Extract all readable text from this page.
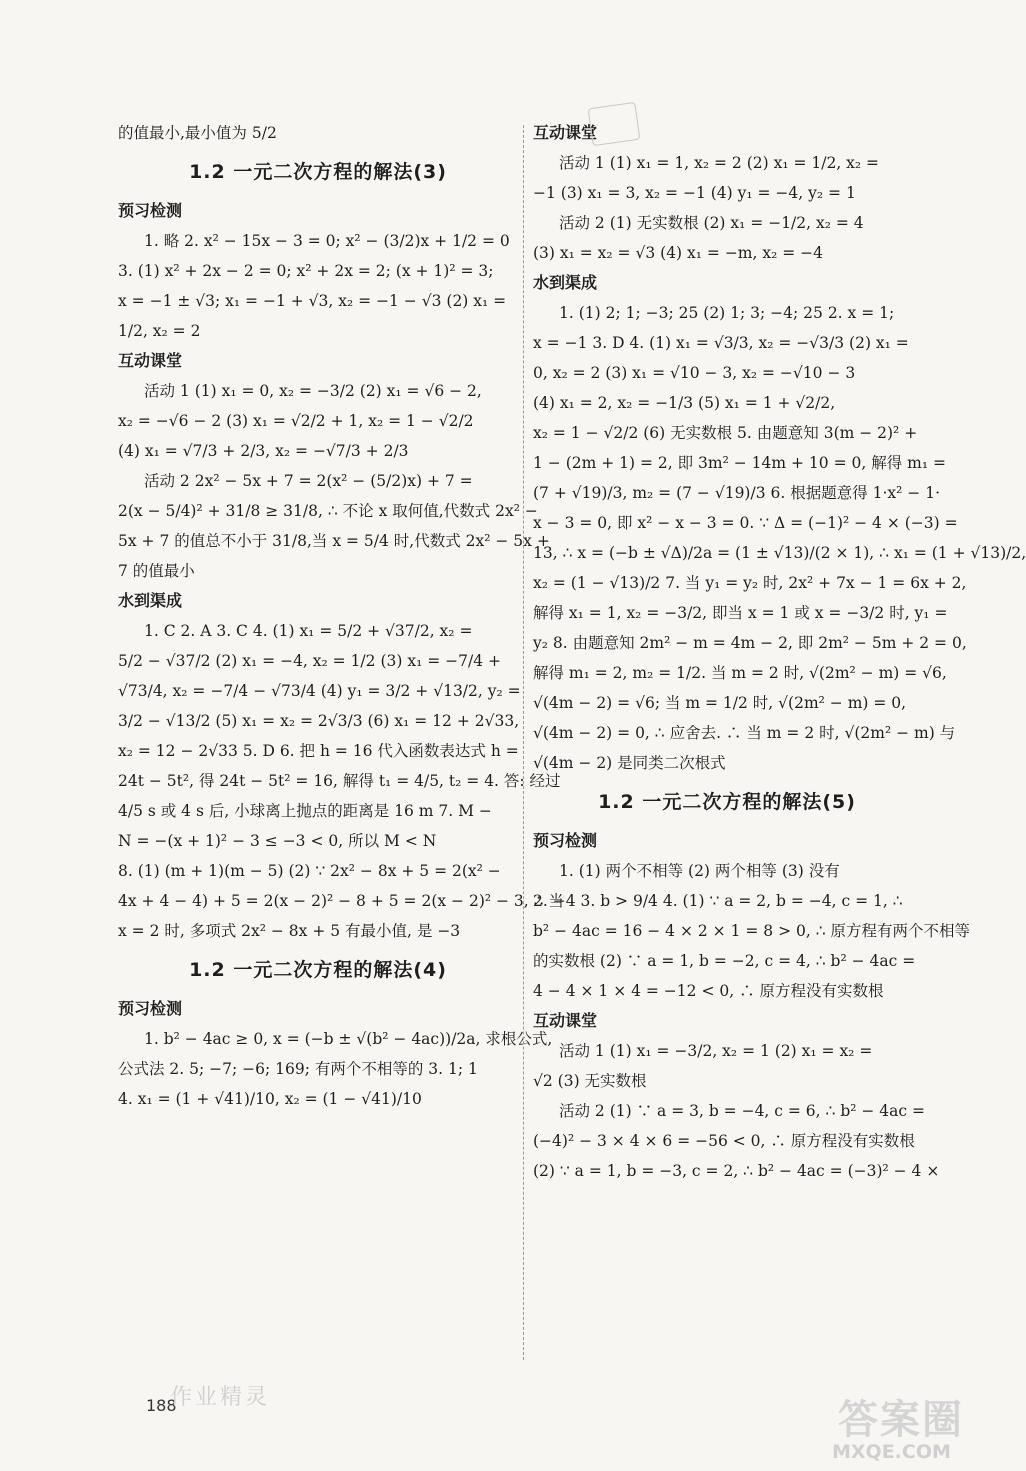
的值最小,最小值为 5/2
1.2 一元二次方程的解法(3)
预习检测
1. 略 2. x² − 15x − 3 = 0; x² − (3/2)x + 1/2 = 0
3. (1) x² + 2x − 2 = 0; x² + 2x = 2; (x + 1)² = 3;
x = −1 ± √3; x₁ = −1 + √3, x₂ = −1 − √3 (2) x₁ =
1/2, x₂ = 2
互动课堂
活动 1 (1) x₁ = 0, x₂ = −3/2 (2) x₁ = √6 − 2,
x₂ = −√6 − 2 (3) x₁ = √2/2 + 1, x₂ = 1 − √2/2
(4) x₁ = √7/3 + 2/3, x₂ = −√7/3 + 2/3
活动 2 2x² − 5x + 7 = 2(x² − (5/2)x) + 7 =
2(x − 5/4)² + 31/8 ≥ 31/8, ∴ 不论 x 取何值,代数式 2x² −
5x + 7 的值总不小于 31/8,当 x = 5/4 时,代数式 2x² − 5x +
7 的值最小
水到渠成
1. C 2. A 3. C 4. (1) x₁ = 5/2 + √37/2, x₂ =
5/2 − √37/2 (2) x₁ = −4, x₂ = 1/2 (3) x₁ = −7/4 +
√73/4, x₂ = −7/4 − √73/4 (4) y₁ = 3/2 + √13/2, y₂ =
3/2 − √13/2 (5) x₁ = x₂ = 2√3/3 (6) x₁ = 12 + 2√33,
x₂ = 12 − 2√33 5. D 6. 把 h = 16 代入函数表达式 h =
24t − 5t², 得 24t − 5t² = 16, 解得 t₁ = 4/5, t₂ = 4. 答: 经过
4/5 s 或 4 s 后, 小球离上抛点的距离是 16 m 7. M −
N = −(x + 1)² − 3 ≤ −3 < 0, 所以 M < N
8. (1) (m + 1)(m − 5) (2) ∵ 2x² − 8x + 5 = 2(x² −
4x + 4 − 4) + 5 = 2(x − 2)² − 8 + 5 = 2(x − 2)² − 3, ∴ 当
x = 2 时, 多项式 2x² − 8x + 5 有最小值, 是 −3
1.2 一元二次方程的解法(4)
预习检测
1. b² − 4ac ≥ 0, x = (−b ± √(b² − 4ac))/2a, 求根公式,
公式法 2. 5; −7; −6; 169; 有两个不相等的 3. 1; 1
4. x₁ = (1 + √41)/10, x₂ = (1 − √41)/10
互动课堂
活动 1 (1) x₁ = 1, x₂ = 2 (2) x₁ = 1/2, x₂ =
−1 (3) x₁ = 3, x₂ = −1 (4) y₁ = −4, y₂ = 1
活动 2 (1) 无实数根 (2) x₁ = −1/2, x₂ = 4
(3) x₁ = x₂ = √3 (4) x₁ = −m, x₂ = −4
水到渠成
1. (1) 2; 1; −3; 25 (2) 1; 3; −4; 25 2. x = 1;
x = −1 3. D 4. (1) x₁ = √3/3, x₂ = −√3/3 (2) x₁ =
0, x₂ = 2 (3) x₁ = √10 − 3, x₂ = −√10 − 3
(4) x₁ = 2, x₂ = −1/3 (5) x₁ = 1 + √2/2,
x₂ = 1 − √2/2 (6) 无实数根 5. 由题意知 3(m − 2)² +
1 − (2m + 1) = 2, 即 3m² − 14m + 10 = 0, 解得 m₁ =
(7 + √19)/3, m₂ = (7 − √19)/3 6. 根据题意得 1·x² − 1·
x − 3 = 0, 即 x² − x − 3 = 0. ∵ Δ = (−1)² − 4 × (−3) =
13, ∴ x = (−b ± √Δ)/2a = (1 ± √13)/(2 × 1), ∴ x₁ = (1 + √13)/2,
x₂ = (1 − √13)/2 7. 当 y₁ = y₂ 时, 2x² + 7x − 1 = 6x + 2,
解得 x₁ = 1, x₂ = −3/2, 即当 x = 1 或 x = −3/2 时, y₁ =
y₂ 8. 由题意知 2m² − m = 4m − 2, 即 2m² − 5m + 2 = 0,
解得 m₁ = 2, m₂ = 1/2. 当 m = 2 时, √(2m² − m) = √6,
√(4m − 2) = √6; 当 m = 1/2 时, √(2m² − m) = 0,
√(4m − 2) = 0, ∴ 应舍去. ∴ 当 m = 2 时, √(2m² − m) 与
√(4m − 2) 是同类二次根式
1.2 一元二次方程的解法(5)
预习检测
1. (1) 两个不相等 (2) 两个相等 (3) 没有
2. −4 3. b > 9/4 4. (1) ∵ a = 2, b = −4, c = 1, ∴
b² − 4ac = 16 − 4 × 2 × 1 = 8 > 0, ∴ 原方程有两个不相等
的实数根 (2) ∵ a = 1, b = −2, c = 4, ∴ b² − 4ac =
4 − 4 × 1 × 4 = −12 < 0, ∴ 原方程没有实数根
互动课堂
活动 1 (1) x₁ = −3/2, x₂ = 1 (2) x₁ = x₂ =
√2 (3) 无实数根
活动 2 (1) ∵ a = 3, b = −4, c = 6, ∴ b² − 4ac =
(−4)² − 3 × 4 × 6 = −56 < 0, ∴ 原方程没有实数根
(2) ∵ a = 1, b = −3, c = 2, ∴ b² − 4ac = (−3)² − 4 ×
188
作业精灵	答案圈
MXQE.COM
